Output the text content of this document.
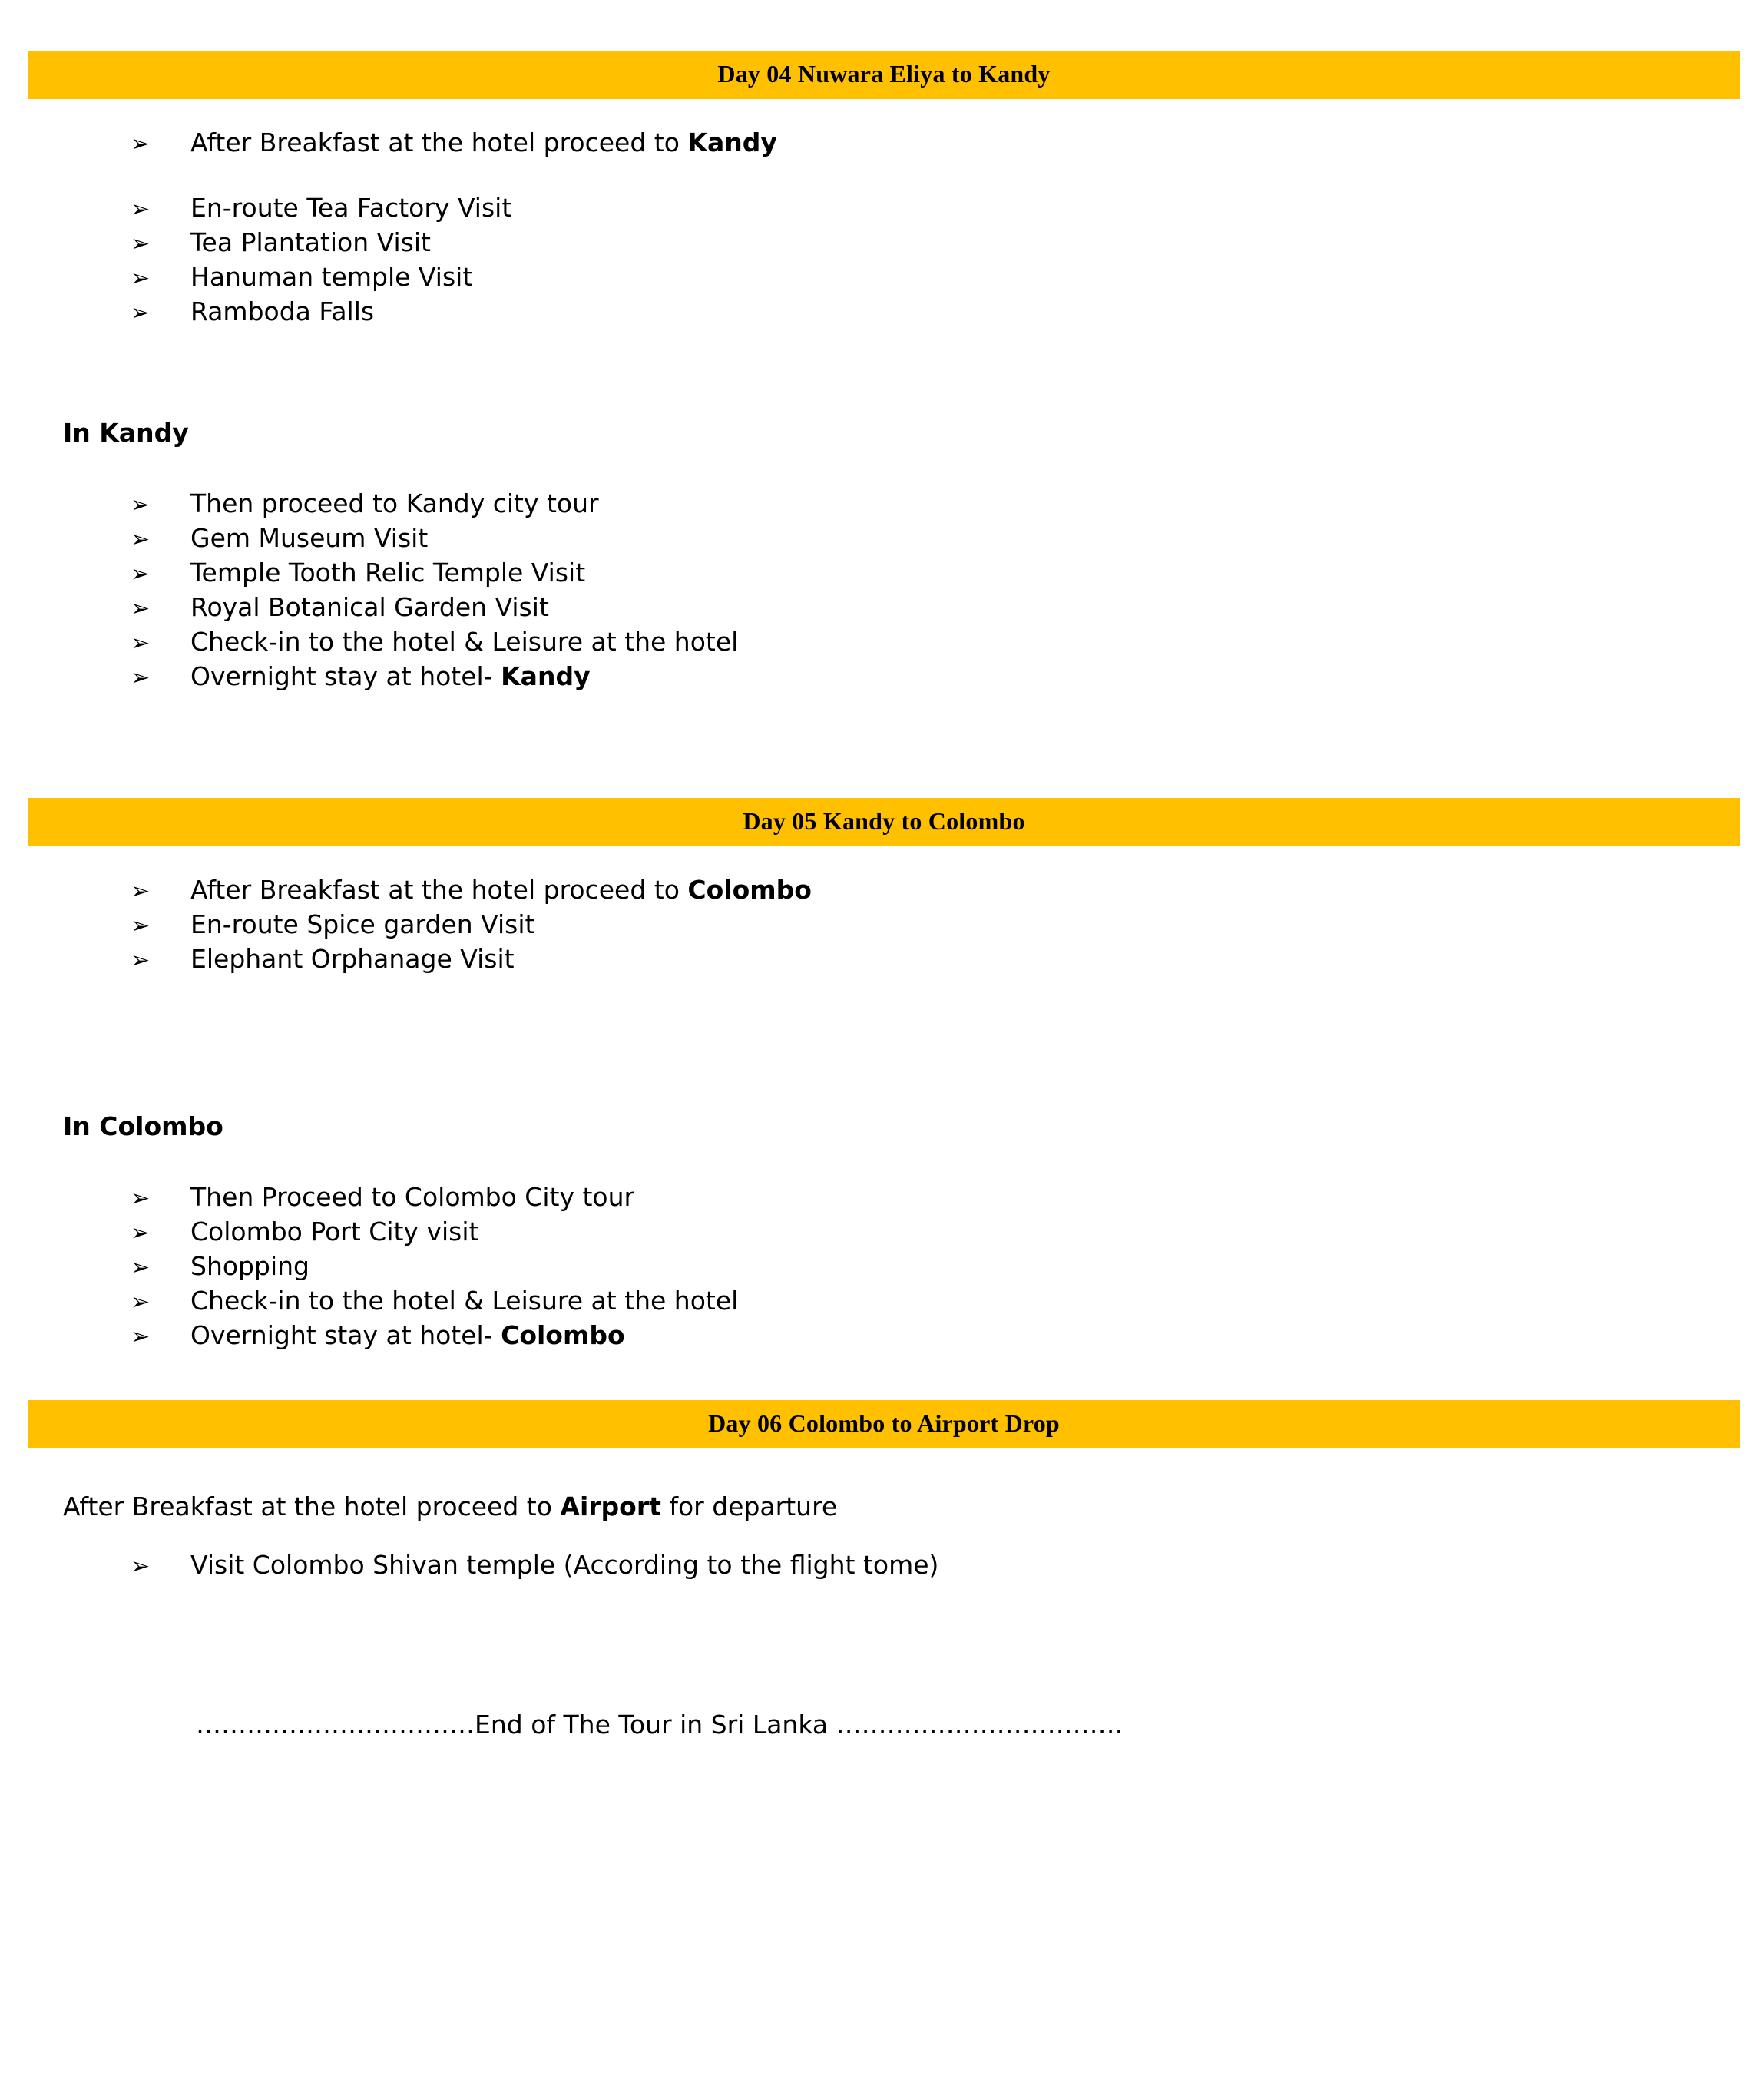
Day 04 Nuwara Eliya to Kandy
➢	After Breakfast at the hotel proceed to Kandy
➢	En-route Tea Factory Visit
➢	Tea Plantation Visit
➢	Hanuman temple Visit
➢	Ramboda Falls
In Kandy
➢	Then proceed to Kandy city tour
➢	Gem Museum Visit
➢	Temple Tooth Relic Temple Visit
➢	Royal Botanical Garden Visit
➢	Check-in to the hotel & Leisure at the hotel
➢	Overnight stay at hotel- Kandy
Day 05 Kandy to Colombo
➢	After Breakfast at the hotel proceed to Colombo
➢	En-route Spice garden Visit
➢	Elephant Orphanage Visit
In Colombo
➢	Then Proceed to Colombo City tour
➢	Colombo Port City visit
➢	Shopping
➢	Check-in to the hotel & Leisure at the hotel
➢	Overnight stay at hotel- Colombo
Day 06 Colombo to Airport Drop
After Breakfast at the hotel proceed to Airport for departure
➢	Visit Colombo Shivan temple (According to the flight tome)
……………………………End of The Tour in Sri Lanka …………………………….
